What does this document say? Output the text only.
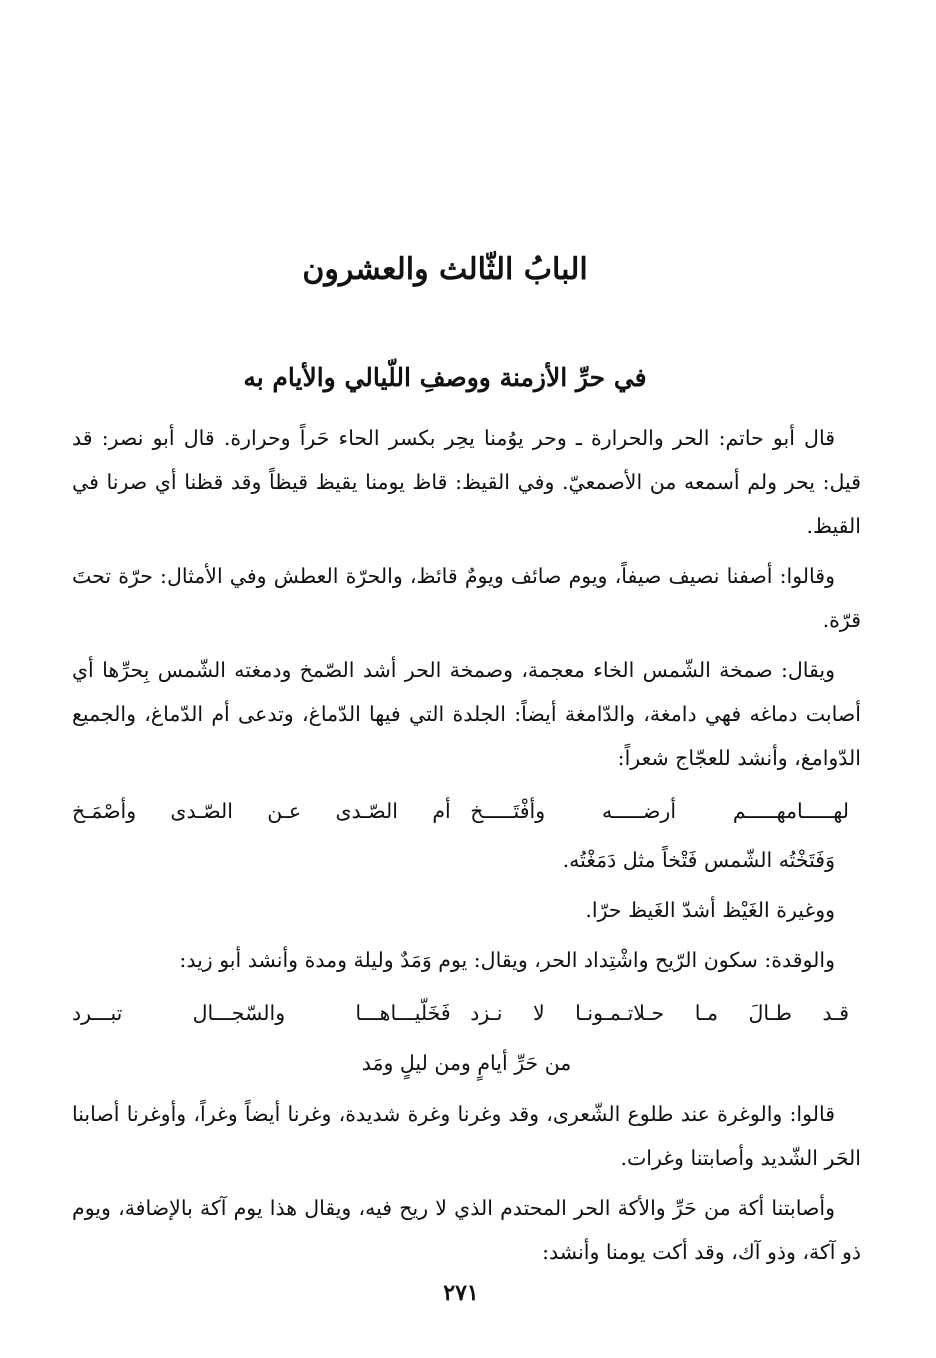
البابُ الثّالث والعشرون
في حرِّ الأزمنة ووصفِ اللّيالي والأيام به

قال أبو حاتم: الحر والحرارة ـ وحر يوُمنا يحِر بكسر الحاء حَراً وحرارة. قال أبو نصر: قد قيل: يحر ولم أسمعه من الأصمعيّ. وفي القيظ: قاظ يومنا يقيظ قيظاً وقد قظنا أي صرنا في القيظ.

وقالوا: أصفنا نصيف صيفاً، ويوم صائف ويومٌ قائظ، والحرّة العطش وفي الأمثال: حرّة تحتَ قرّة.

ويقال: صمخة الشّمس الخاء معجمة، وصمخة الحر أشد الصّمخ ودمغته الشّمس بِحرِّها أي أصابت دماغه فهي دامغة، والدّامغة أيضاً: الجلدة التي فيها الدّماغ، وتدعى أم الدّماغ، والجميع الدّوامغ، وأنشد للعجّاج شعراً:

لهـــــامهـــــم أرضـــــه وأفْتَـــــخ
أم الصّـدى عـن الصّـدى وأصْمَـخ

وَفَتَخْتُه الشّمس فَتْخاً مثل دَمَغْتُه.

ووغيرة الغَيْظ أشدّ الغَيظ حرّا.

والوقدة: سكون الرّيح واشْتِداد الحر، ويقال: يوم وَمَدٌ وليلة ومدة وأنشد أبو زيد:

قـد طـالَ مـا حـلاتـمـونـا لا نـزد
فَخَلّيـــاهـــا والسّجـــال تبـــرد

من حَرِّ أيامٍ ومن ليلٍ ومَد

قالوا: والوغرة عند طلوع الشّعرى، وقد وغرنا وغرة شديدة، وغرنا أيضاً وغراً، وأوغرنا أصابنا الحَر الشّديد وأصابتنا وغرات.

وأصابتنا أكة من حَرِّ والأكة الحر المحتدم الذي لا ريح فيه، ويقال هذا يوم آكة بالإضافة، ويوم ذو آكة، وذو آك، وقد أكت يومنا وأنشد:

٢٧١
